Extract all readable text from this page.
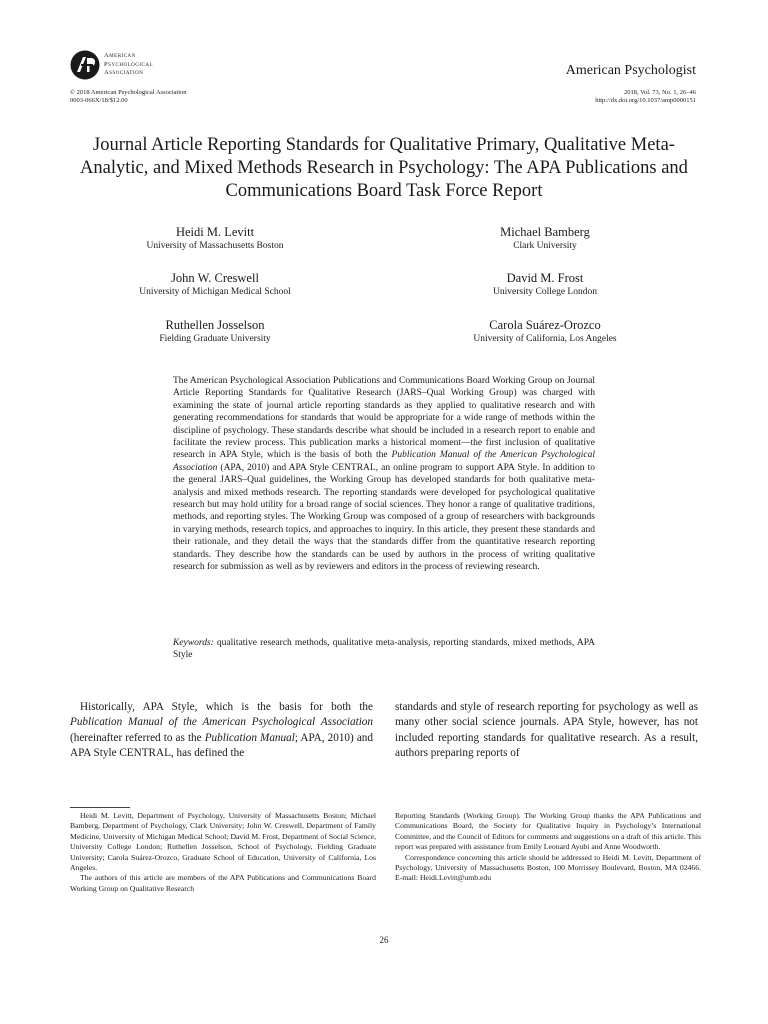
American
Psychological
Association	American Psychologist
© 2018 American Psychological Association
0003-066X/18/$12.00
2018, Vol. 73, No. 1, 26–46
http://dx.doi.org/10.1037/amp0000151
Journal Article Reporting Standards for Qualitative Primary, Qualitative Meta-Analytic, and Mixed Methods Research in Psychology: The APA Publications and Communications Board Task Force Report
Heidi M. Levitt
University of Massachusetts Boston
Michael Bamberg
Clark University
John W. Creswell
University of Michigan Medical School
David M. Frost
University College London
Ruthellen Josselson
Fielding Graduate University
Carola Suárez-Orozco
University of California, Los Angeles
The American Psychological Association Publications and Communications Board Working Group on Journal Article Reporting Standards for Qualitative Research (JARS–Qual Working Group) was charged with examining the state of journal article reporting standards as they applied to qualitative research and with generating recommendations for standards that would be appropriate for a wide range of methods within the discipline of psychology. These standards describe what should be included in a research report to enable and facilitate the review process. This publication marks a historical moment—the first inclusion of qualitative research in APA Style, which is the basis of both the Publication Manual of the American Psychological Association (APA, 2010) and APA Style CENTRAL, an online program to support APA Style. In addition to the general JARS–Qual guidelines, the Working Group has developed standards for both qualitative meta-analysis and mixed methods research. The reporting standards were developed for psychological qualitative research but may hold utility for a broad range of social sciences. They honor a range of qualitative traditions, methods, and reporting styles. The Working Group was composed of a group of researchers with backgrounds in varying methods, research topics, and approaches to inquiry. In this article, they present these standards and their rationale, and they detail the ways that the standards differ from the quantitative research reporting standards. They describe how the standards can be used by authors in the process of writing qualitative research for submission as well as by reviewers and editors in the process of reviewing research.
Keywords: qualitative research methods, qualitative meta-analysis, reporting standards, mixed methods, APA Style
Historically, APA Style, which is the basis for both the Publication Manual of the American Psychological Association (hereinafter referred to as the Publication Manual; APA, 2010) and APA Style CENTRAL, has defined the
standards and style of research reporting for psychology as well as many other social science journals. APA Style, however, has not included reporting standards for qualitative research. As a result, authors preparing reports of

Heidi M. Levitt, Department of Psychology, University of Massachusetts Boston; Michael Bamberg, Department of Psychology, Clark University; John W. Creswell, Department of Family Medicine, University of Michigan Medical School; David M. Frost, Department of Social Science, University College London; Ruthellen Josselson, School of Psychology, Fielding Graduate University; Carola Suárez-Orozco, Graduate School of Education, University of California, Los Angeles.

The authors of this article are members of the APA Publications and Communications Board Working Group on Qualitative Research

Reporting Standards (Working Group). The Working Group thanks the APA Publications and Communications Board, the Society for Qualitative Inquiry in Psychology’s International Committee, and the Council of Editors for comments and suggestions on a draft of this article. This report was prepared with assistance from Emily Leonard Ayubi and Anne Woodworth.

Correspondence concerning this article should be addressed to Heidi M. Levitt, Department of Psychology, University of Massachusetts Boston, 100 Morrissey Boulevard, Boston, MA 02466. E-mail: Heidi.Levitt@umb.edu

26
